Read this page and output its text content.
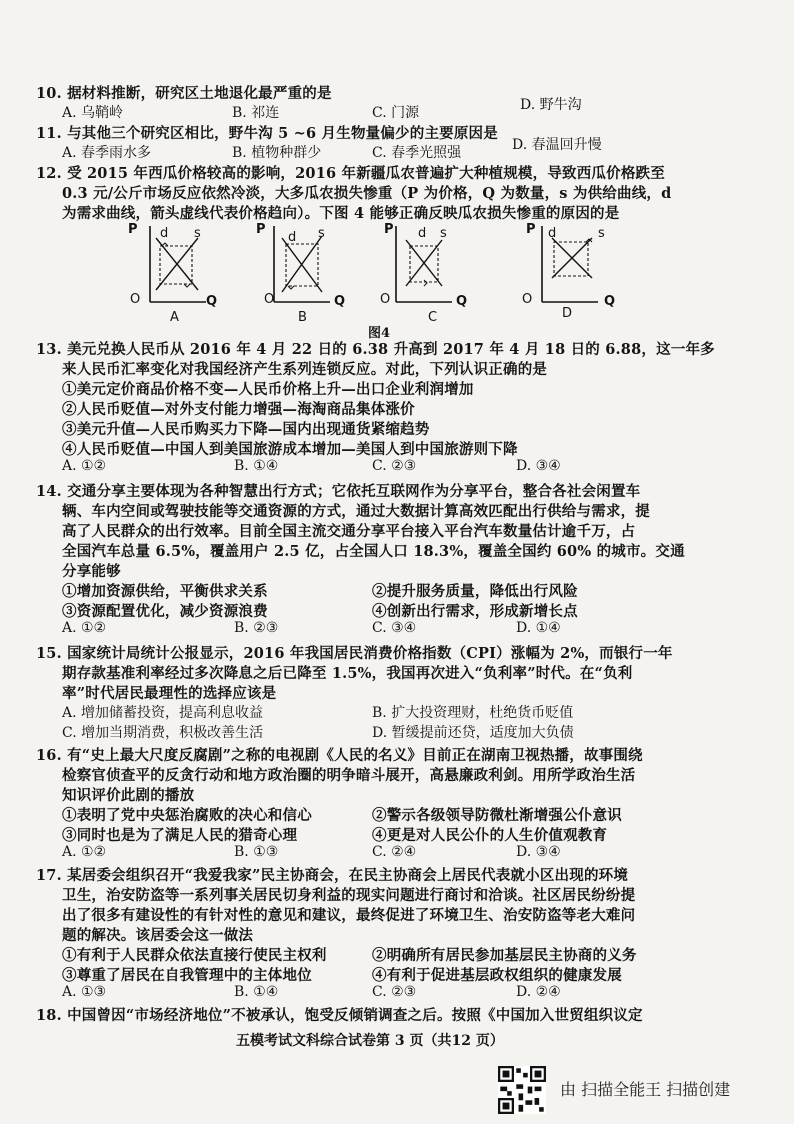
10. 据材料推断，研究区土地退化最严重的是
A. 乌鞘岭	B. 祁连	C. 门源	D. 野牛沟
11. 与其他三个研究区相比，野牛沟 5 ~6 月生物量偏少的主要原因是
A. 春季雨水多	B. 植物种群少	C. 春季光照强	D. 春温回升慢
12. 受 2015 年西瓜价格较高的影响，2016 年新疆瓜农普遍扩大种植规模，导致西瓜价格跌至
0.3 元/公斤市场反应依然冷淡，大多瓜农损失惨重（P 为价格，Q 为数量，s 为供给曲线，d
为需求曲线，箭头虚线代表价格趋向）。下图 4 能够正确反映瓜农损失惨重的原因的是
P d s
O	Q
A
P
d s
O	Q
B
P d s
O	Q
C
P d	s
O	Q
D
图4
13. 美元兑换人民币从 2016 年 4 月 22 日的 6.38 升高到 2017 年 4 月 18 日的 6.88，这一年多
来人民币汇率变化对我国经济产生系列连锁反应。对此，下列认识正确的是
①美元定价商品价格不变—人民币价格上升—出口企业利润增加
②人民币贬值—对外支付能力增强—海淘商品集体涨价
③美元升值—人民币购买力下降—国内出现通货紧缩趋势
④人民币贬值—中国人到美国旅游成本增加—美国人到中国旅游则下降
A. ①②	B. ①④	C. ②③	D. ③④
14. 交通分享主要体现为各种智慧出行方式；它依托互联网作为分享平台，整合各社会闲置车
辆、车内空间或驾驶技能等交通资源的方式，通过大数据计算高效匹配出行供给与需求，提
高了人民群众的出行效率。目前全国主流交通分享平台接入平台汽车数量估计逾千万，占
全国汽车总量 6.5%，覆盖用户 2.5 亿，占全国人口 18.3%，覆盖全国约 60% 的城市。交通
分享能够
①增加资源供给，平衡供求关系	②提升服务质量，降低出行风险
③资源配置优化，减少资源浪费	④创新出行需求，形成新增长点
A. ①②	B. ②③	C. ③④	D. ①④
15. 国家统计局统计公报显示，2016 年我国居民消费价格指数（CPI）涨幅为 2%，而银行一年
期存款基准利率经过多次降息之后已降至 1.5%，我国再次进入“负利率”时代。在“负利
率”时代居民最理性的选择应该是
A. 增加储蓄投资，提高利息收益	B. 扩大投资理财，杜绝货币贬值
C. 增加当期消费，积极改善生活	D. 暂缓提前还贷，适度加大负债
16. 有“史上最大尺度反腐剧”之称的电视剧《人民的名义》目前正在湖南卫视热播，故事围绕
检察官侦查平的反贪行动和地方政治圈的明争暗斗展开，高悬廉政利剑。用所学政治生活
知识评价此剧的播放
①表明了党中央惩治腐败的决心和信心	②警示各级领导防微杜渐增强公仆意识
③同时也是为了满足人民的猎奇心理	④更是对人民公仆的人生价值观教育
A. ①②	B. ①③	C. ②④	D. ③④
17. 某居委会组织召开“我爱我家”民主协商会，在民主协商会上居民代表就小区出现的环境
卫生，治安防盗等一系列事关居民切身利益的现实问题进行商讨和洽谈。社区居民纷纷提
出了很多有建设性的有针对性的意见和建议，最终促进了环境卫生、治安防盗等老大难问
题的解决。该居委会这一做法
①有利于人民群众依法直接行使民主权利	②明确所有居民参加基层民主协商的义务
③尊重了居民在自我管理中的主体地位	④有利于促进基层政权组织的健康发展
A. ①③	B. ①④	C. ②③	D. ②④
18. 中国曾因“市场经济地位”不被承认，饱受反倾销调查之后。按照《中国加入世贸组织议定
五模考试文科综合试卷第 3 页（共12 页）
由 扫描全能王 扫描创建
